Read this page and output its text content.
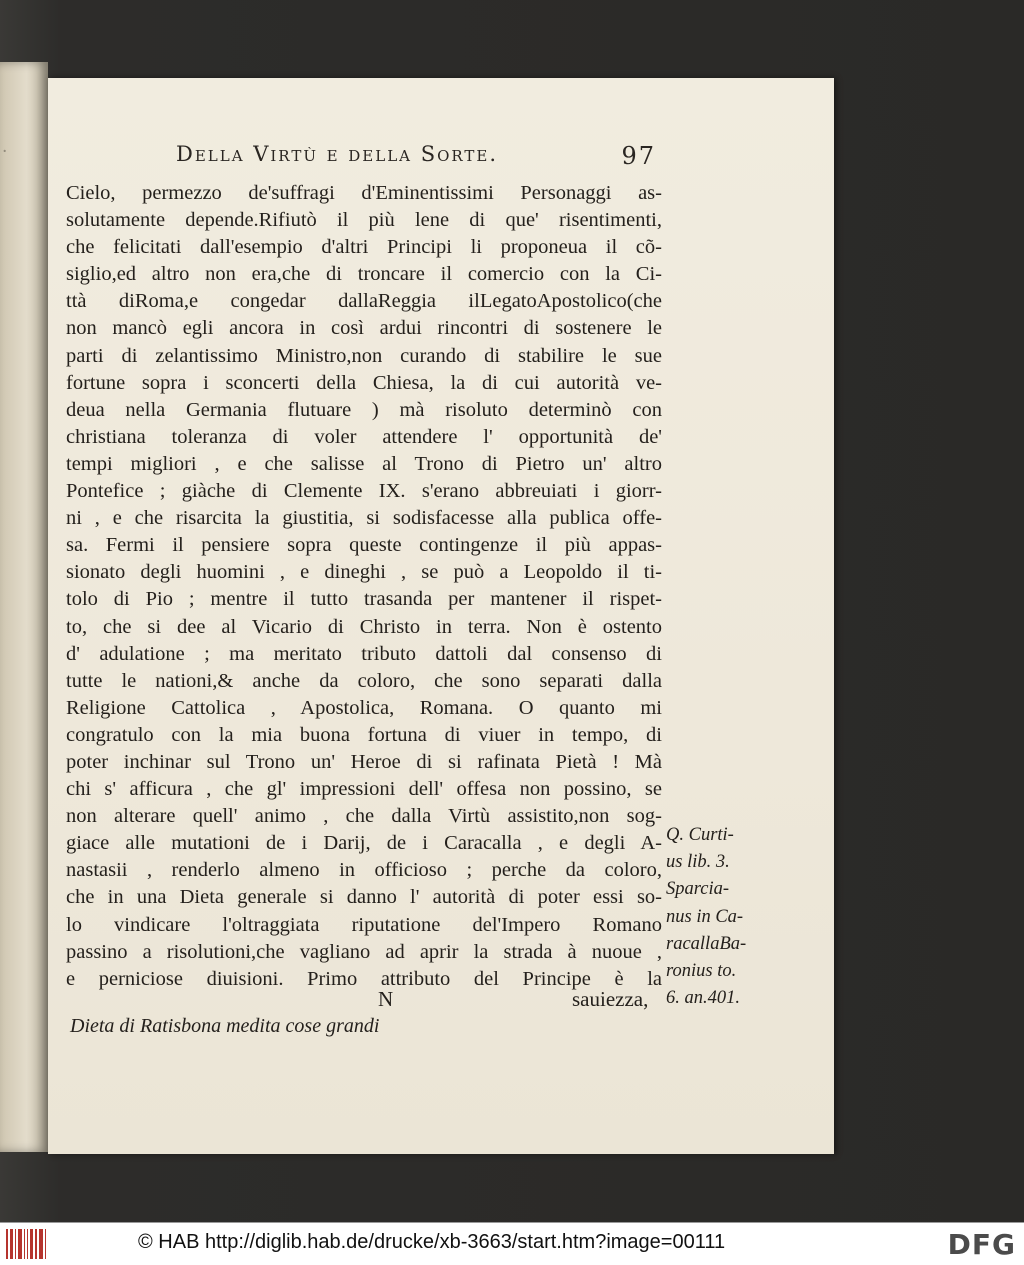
·	Della Virtù e della Sorte.	97
Cielo, permezzo de'suffragi d'Eminentissimi Personaggi as-
solutamente depende.Rifiutò il più lene di que' risentimenti,
che felicitati dall'esempio d'altri Principi li proponeua il cõ-
siglio,ed altro non era,che di troncare il comercio con la Ci-
ttà diRoma,e congedar dallaReggia ilLegatoApostolico(che
non mancò egli ancora in così ardui rincontri di sostenere le
parti di zelantissimo Ministro,non curando di stabilire le sue
fortune sopra i sconcerti della Chiesa, la di cui autorità ve-
deua nella Germania flutuare ) mà risoluto determinò con
christiana toleranza di voler attendere l' opportunità de'
tempi migliori , e che salisse al Trono di Pietro un' altro
Pontefice ; giàche di Clemente IX. s'erano abbreuiati i giorr-
ni , e che risarcita la giustitia, si sodisfacesse alla publica offe-
sa. Fermi il pensiere sopra queste contingenze il più appas-
sionato degli huomini , e dineghi , se può a Leopoldo il ti-
tolo di Pio ; mentre il tutto trasanda per mantener il rispet-
to, che si dee al Vicario di Christo in terra. Non è ostento
d' adulatione ; ma meritato tributo dattoli dal consenso di
tutte le nationi,& anche da coloro, che sono separati dalla
Religione Cattolica , Apostolica, Romana. O quanto mi
congratulo con la mia buona fortuna di viuer in tempo, di
poter inchinar sul Trono un' Heroe di si rafinata Pietà ! Mà
chi s' afficura , che gl' impressioni dell' offesa non possino, se
non alterare quell' animo , che dalla Virtù assistito,non sog-
giace alle mutationi de i Darij, de i Caracalla , e degli A-
nastasii , renderlo almeno in officioso ; perche da coloro,
che in una Dieta generale si danno l' autorità di poter essi so-
lo vindicare l'oltraggiata riputatione del'Impero Romano
passino a risolutioni,che vagliano ad aprir la strada à nuoue ,
e perniciose diuisioni. Primo attributo del Principe è la
N	sauiezza,
Dieta di Ratisbona medita cose grandi
Q. Curti-
us lib. 3.
Sparcia-
nus in Ca-
racallaBa-
ronius to.
6. an.401.
© HAB http://diglib.hab.de/drucke/xb-3663/start.htm?image=00111	DFG
